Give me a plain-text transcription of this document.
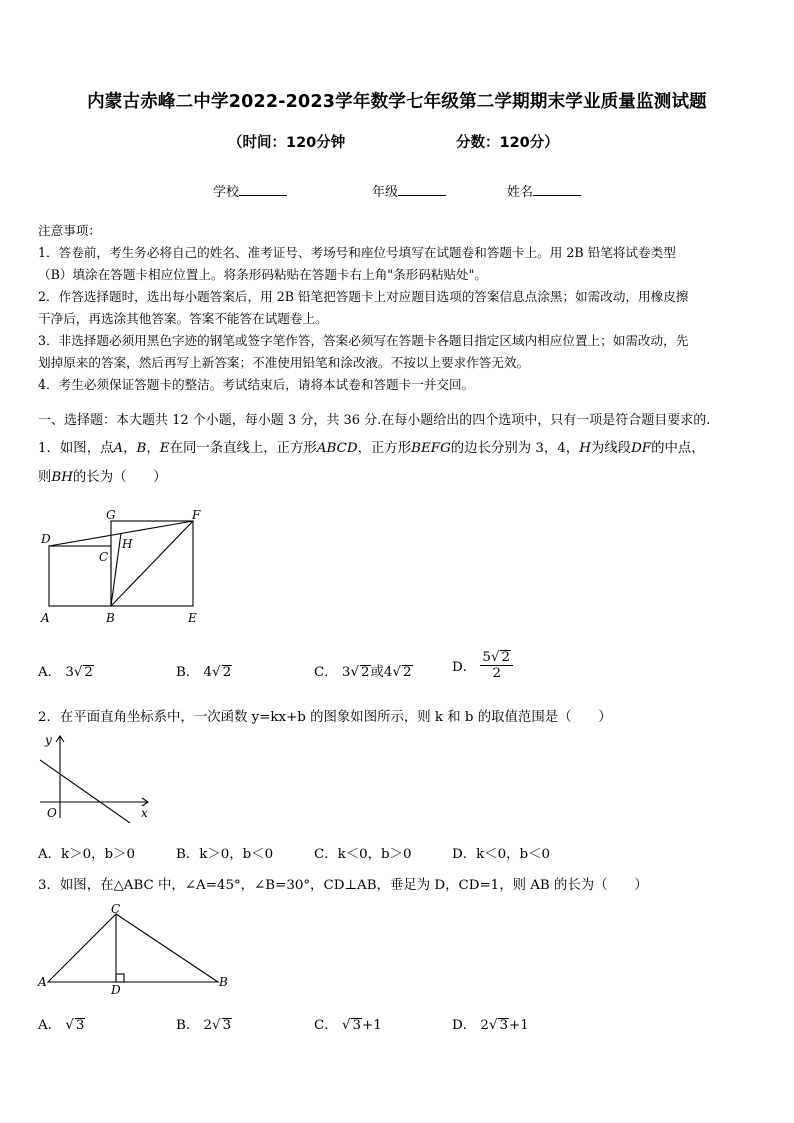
内蒙古赤峰二中学2022-2023学年数学七年级第二学期期末学业质量监测试题
（时间：120分钟	分数：120分）
学校	年级	姓名
注意事项：
1．答卷前，考生务必将自己的姓名、准考证号、考场号和座位号填写在试题卷和答题卡上。用 2B 铅笔将试卷类型
（B）填涂在答题卡相应位置上。将条形码粘贴在答题卡右上角"条形码粘贴处"。
2．作答选择题时，选出每小题答案后，用 2B 铅笔把答题卡上对应题目选项的答案信息点涂黑；如需改动，用橡皮擦
干净后，再选涂其他答案。答案不能答在试题卷上。
3．非选择题必须用黑色字迹的钢笔或签字笔作答，答案必须写在答题卡各题目指定区域内相应位置上；如需改动，先
划掉原来的答案，然后再写上新答案；不准使用铅笔和涂改液。不按以上要求作答无效。
4．考生必须保证答题卡的整洁。考试结束后，请将本试卷和答题卡一并交回。
一、选择题：本大题共 12 个小题，每小题 3 分，共 36 分.在每小题给出的四个选项中，只有一项是符合题目要求的.
1．如图，点A，B，E在同一条直线上，正方形ABCD，正方形BEFG的边长分别为 3，4，H为线段DF的中点，
则BH的长为（　　）
D
G	F
C
H
A	B	E
A． 3√ 2	B． 4√ 2	C． 3√ 2或4√ 2	D． $\frac{5√ 2}{2}$
2．在平面直角坐标系中，一次函数 y=kx+b 的图象如图所示，则 k 和 b 的取值范围是（　　）
y
x
O
A．k＞0，b＞0	B．k＞0，b＜0	C．k＜0，b＞0	D．k＜0，b＜0
3．如图，在△ABC 中，∠A=45°，∠B=30°，CD⊥AB，垂足为 D，CD=1，则 AB 的长为（　　）
C
A
D
B
A． √ 3	B． 2√ 3	C． √ 3+1	D． 2√ 3+1
